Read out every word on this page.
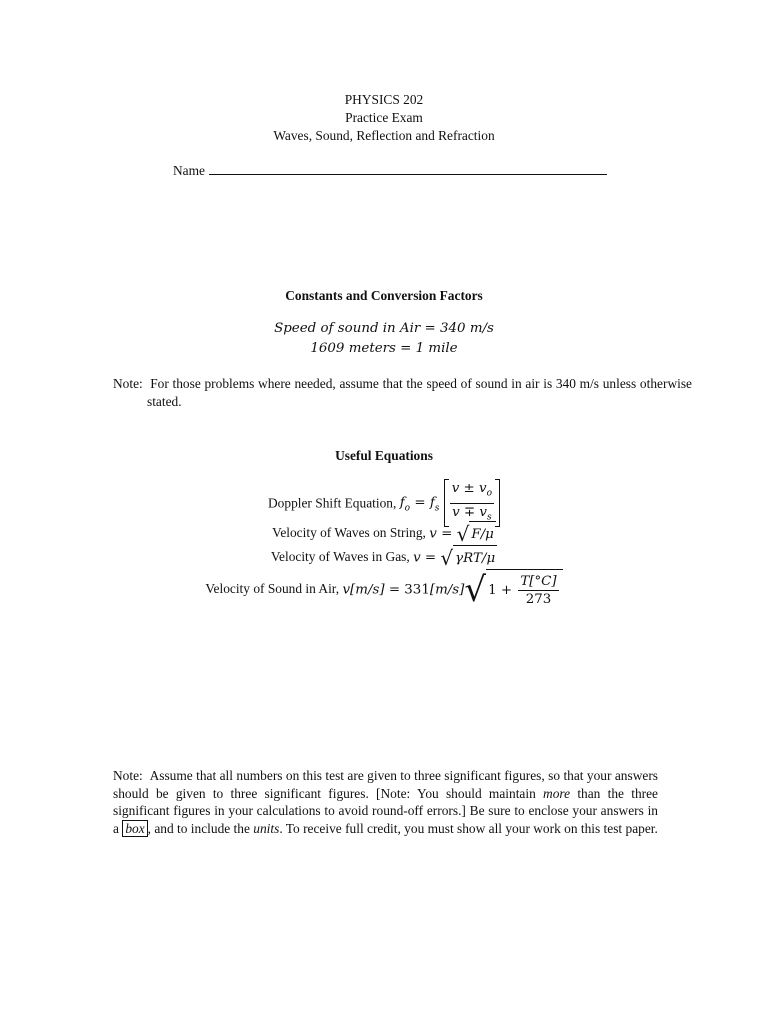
PHYSICS 202
Practice Exam
Waves, Sound, Reflection and Refraction
Name
Constants and Conversion Factors
Speed of sound in Air = 340 m/s
1609 meters = 1 mile
Note: For those problems where needed, assume that the speed of sound in air is 340 m/s unless otherwise stated.
Useful Equations
Doppler Shift Equation, $f_o = f_s \frac{v \pm v_o}{v \mp v_s}$
Velocity of Waves on String, v = √ F/μ
Velocity of Waves in Gas, v = √ γRT/μ
Velocity of Sound in Air, v[m/s] = 331[m/s]√ $1 + \frac{T[^\circ C]}{273}$
Note: Assume that all numbers on this test are given to three significant figures, so that your answers should be given to three significant figures. [Note: You should maintain more than the three significant figures in your calculations to avoid round-off errors.] Be sure to enclose your answers in a box , and to include the units. To receive full credit, you must show all your work on this test paper.
